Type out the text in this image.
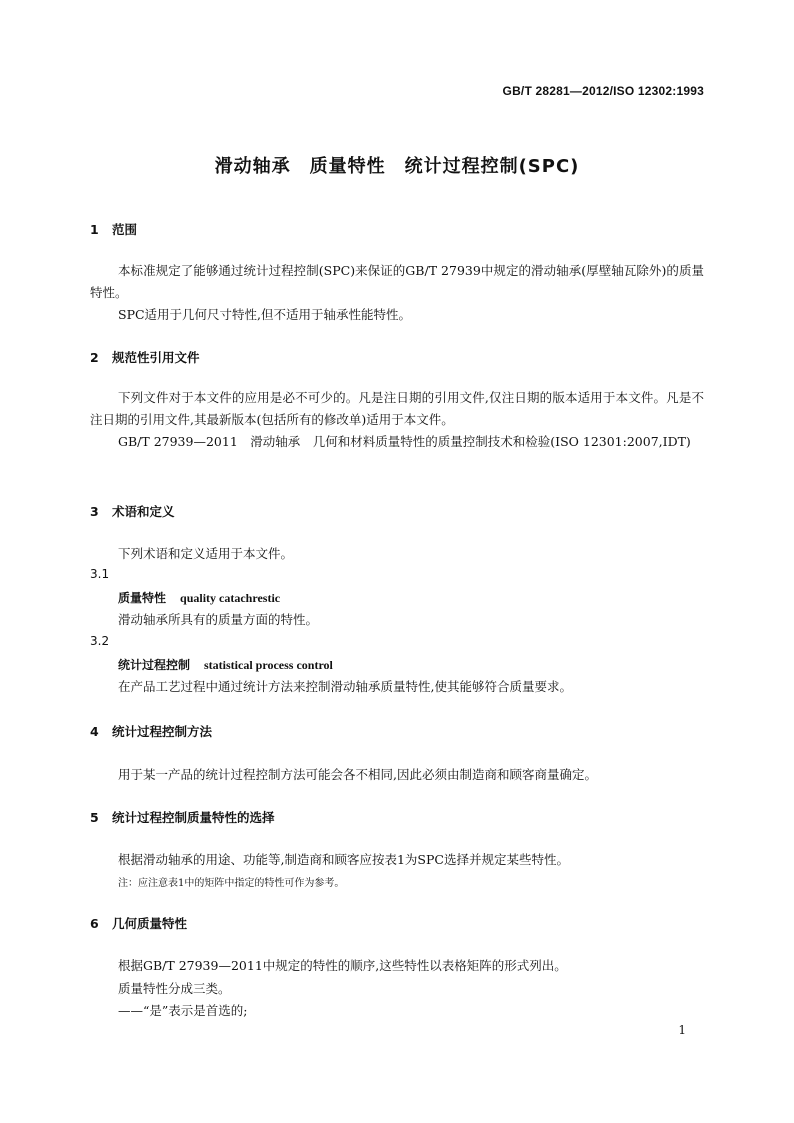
GB/T 28281—2012/ISO 12302:1993
滑动轴承　质量特性　统计过程控制(SPC)
1 范围

本标准规定了能够通过统计过程控制(SPC)来保证的GB/T 27939中规定的滑动轴承(厚壁轴瓦除外)的质量特性。

SPC适用于几何尺寸特性,但不适用于轴承性能特性。

2 规范性引用文件

下列文件对于本文件的应用是必不可少的。凡是注日期的引用文件,仅注日期的版本适用于本文件。凡是不注日期的引用文件,其最新版本(包括所有的修改单)适用于本文件。

GB/T 27939—2011　滑动轴承　几何和材料质量特性的质量控制技术和检验(ISO 12301:2007,IDT)

3 术语和定义

下列术语和定义适用于本文件。

3.1
质量特性 quality catachrestic

滑动轴承所具有的质量方面的特性。

3.2
统计过程控制 statistical process control

在产品工艺过程中通过统计方法来控制滑动轴承质量特性,使其能够符合质量要求。

4 统计过程控制方法

用于某一产品的统计过程控制方法可能会各不相同,因此必须由制造商和顾客商量确定。

5 统计过程控制质量特性的选择

根据滑动轴承的用途、功能等,制造商和顾客应按表1为SPC选择并规定某些特性。

注：应注意表1中的矩阵中指定的特性可作为参考。

6 几何质量特性

根据GB/T 27939—2011中规定的特性的顺序,这些特性以表格矩阵的形式列出。

质量特性分成三类。

——“是”表示是首选的;

1
